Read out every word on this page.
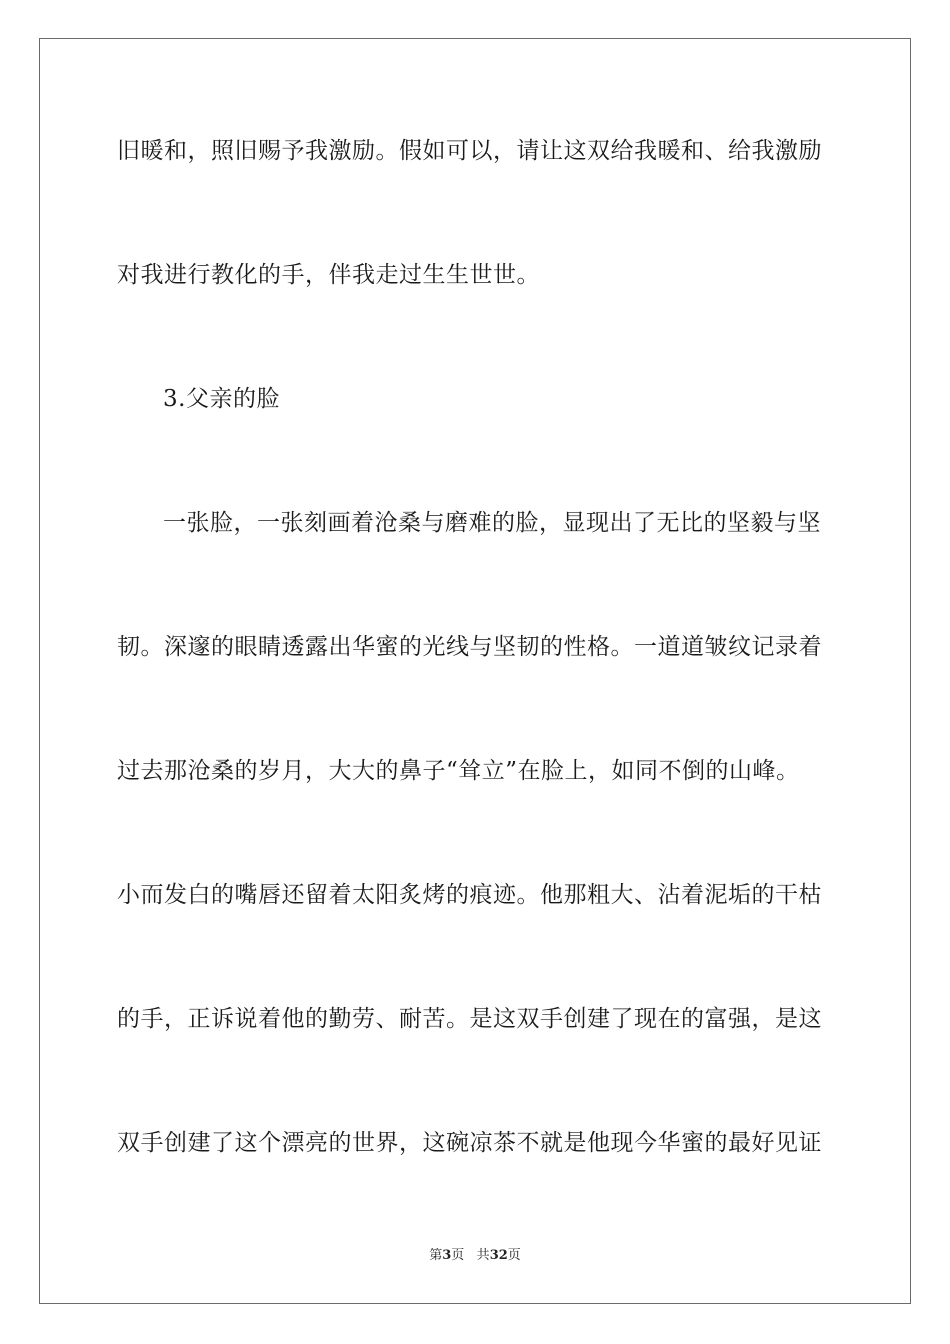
旧暖和，照旧赐予我激励。假如可以，请让这双给我暖和、给我激励
对我进行教化的手，伴我走过生生世世。
3.父亲的脸
一张脸，一张刻画着沧桑与磨难的脸，显现出了无比的坚毅与坚
韧。深邃的眼睛透露出华蜜的光线与坚韧的性格。一道道皱纹记录着
过去那沧桑的岁月，大大的鼻子“耸立”在脸上，如同不倒的山峰。
小而发白的嘴唇还留着太阳炙烤的痕迹。他那粗大、沾着泥垢的干枯
的手，正诉说着他的勤劳、耐苦。是这双手创建了现在的富强，是这
双手创建了这个漂亮的世界，这碗凉茶不就是他现今华蜜的最好见证
第3页 共32页
